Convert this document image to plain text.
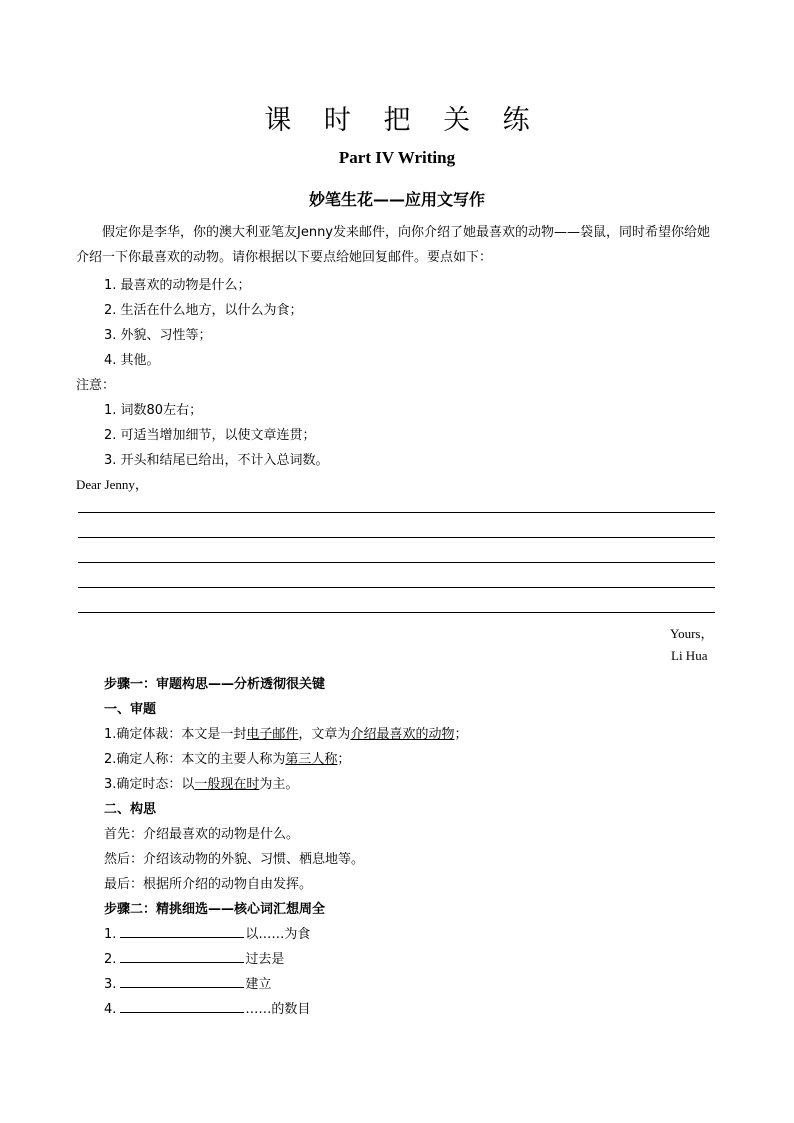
课 时 把 关 练
Part IV Writing
妙笔生花——应用文写作
假定你是李华，你的澳大利亚笔友Jenny发来邮件，向你介绍了她最喜欢的动物——袋鼠，同时希望你给她介绍一下你最喜欢的动物。请你根据以下要点给她回复邮件。要点如下：
1. 最喜欢的动物是什么；
2. 生活在什么地方，以什么为食；
3. 外貌、习性等；
4. 其他。
注意：
1. 词数80左右；
2. 可适当增加细节，以使文章连贯；
3. 开头和结尾已给出，不计入总词数。
Dear Jenny，
Yours，
Li Hua
步骤一：审题构思——分析透彻很关键
一、审题
1.确定体裁：本文是一封电子邮件，文章为介绍最喜欢的动物；
2.确定人称：本文的主要人称为第三人称；
3.确定时态：以一般现在时为主。
二、构思
首先：介绍最喜欢的动物是什么。
然后：介绍该动物的外貌、习惯、栖息地等。
最后：根据所介绍的动物自由发挥。
步骤二：精挑细选——核心词汇想周全
1.	以……为食
2.	过去是
3.	建立
4.	……的数目
